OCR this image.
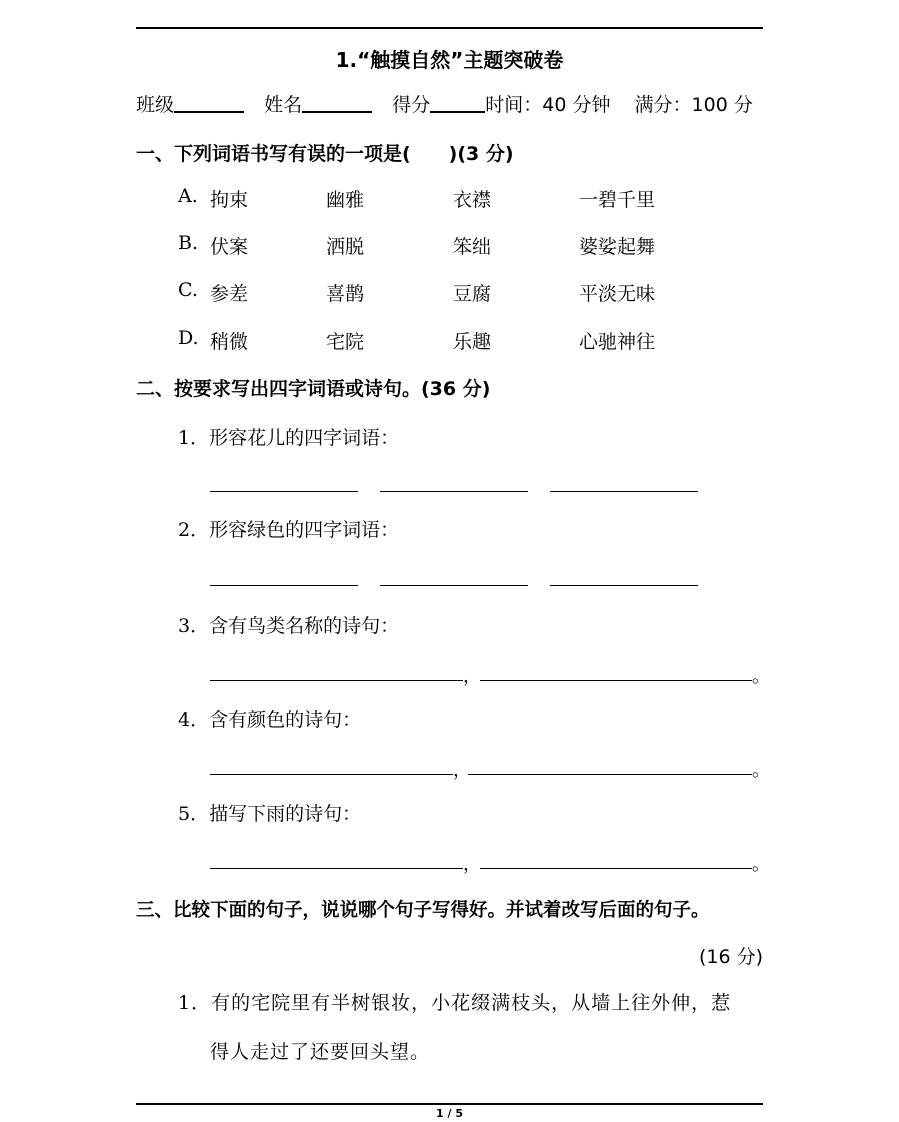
1.“触摸自然”主题突破卷
班级	姓名	得分	时间：40 分钟 满分：100 分
一、下列词语书写有误的一项是(　　)(3 分)
A. 拘束	幽雅	衣襟	一碧千里
B. 伏案	洒脱	笨绌	婆娑起舞
C. 参差	喜鹊	豆腐	平淡无味
D. 稍微	宅院	乐趣	心驰神往
二、按要求写出四字词语或诗句。(36 分)
1．形容花儿的四字词语：
2．形容绿色的四字词语：
3．含有鸟类名称的诗句：
，	。
4．含有颜色的诗句：
，	。
5．描写下雨的诗句：
，	。
三、比较下面的句子，说说哪个句子写得好。并试着改写后面的句子。
(16 分)
1．有的宅院里有半树银妆，小花缀满枝头，从墙上往外伸，惹
得人走过了还要回头望。
1 / 5
